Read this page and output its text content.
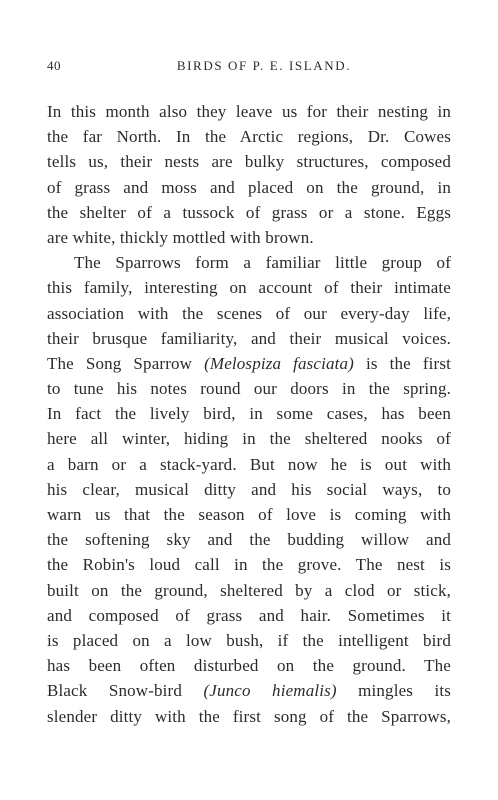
40	BIRDS OF P. E. ISLAND.
In this month also they leave us for their nesting in
the far North. In the Arctic regions, Dr. Cowes
tells us, their nests are bulky structures, composed
of grass and moss and placed on the ground, in
the shelter of a tussock of grass or a stone. Eggs
are white, thickly mottled with brown.
The Sparrows form a familiar little group of
this family, interesting on account of their intimate
association with the scenes of our every-day life,
their brusque familiarity, and their musical voices.
The Song Sparrow (Melospiza fasciata) is the first
to tune his notes round our doors in the spring.
In fact the lively bird, in some cases, has been
here all winter, hiding in the sheltered nooks of
a barn or a stack-yard. But now he is out with
his clear, musical ditty and his social ways, to
warn us that the season of love is coming with
the softening sky and the budding willow and
the Robin's loud call in the grove. The nest is
built on the ground, sheltered by a clod or stick,
and composed of grass and hair. Sometimes it
is placed on a low bush, if the intelligent bird
has been often disturbed on the ground. The
Black Snow-bird (Junco hiemalis) mingles its
slender ditty with the first song of the Sparrows,
